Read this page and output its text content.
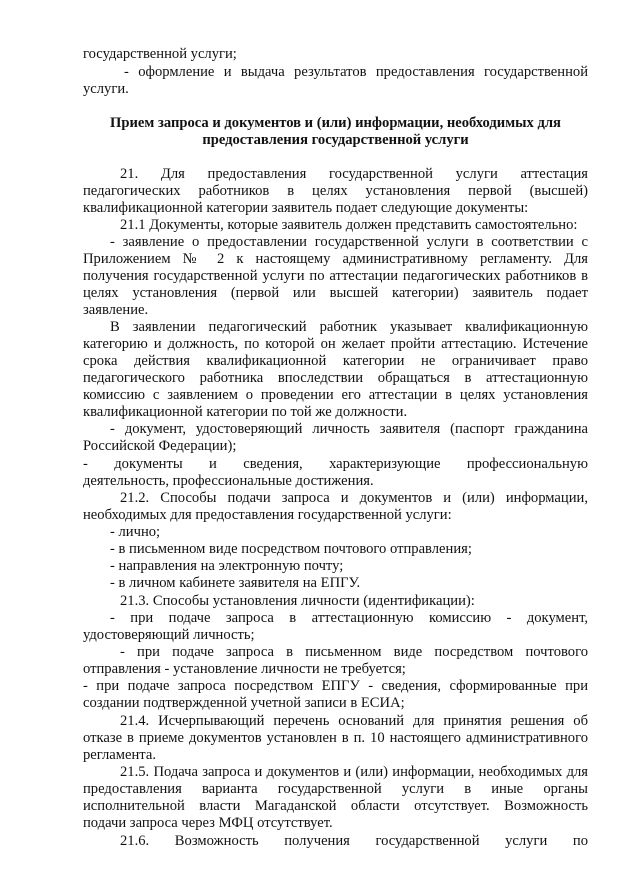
государственной услуги;
- оформление и выдача результатов предоставления государственной
услуги.
Прием запроса и документов и (или) информации, необходимых для
предоставления государственной услуги
21. Для предоставления государственной услуги аттестация
педагогических работников в целях установления первой (высшей)
квалификационной категории заявитель подает следующие документы:
21.1 Документы, которые заявитель должен представить самостоятельно:
- заявление о предоставлении государственной услуги в соответствии с
Приложением № 2 к настоящему административному регламенту. Для
получения государственной услуги по аттестации педагогических работников в
целях установления (первой или высшей категории) заявитель подает
заявление.
В заявлении педагогический работник указывает квалификационную
категорию и должность, по которой он желает пройти аттестацию. Истечение
срока действия квалификационной категории не ограничивает право
педагогического работника впоследствии обращаться в аттестационную
комиссию с заявлением о проведении его аттестации в целях установления
квалификационной категории по той же должности.
- документ, удостоверяющий личность заявителя (паспорт гражданина
Российской Федерации);
- документы и сведения, характеризующие профессиональную
деятельность, профессиональные достижения.
21.2. Способы подачи запроса и документов и (или) информации,
необходимых для предоставления государственной услуги:
- лично;
- в письменном виде посредством почтового отправления;
- направления на электронную почту;
- в личном кабинете заявителя на ЕПГУ.
21.3. Способы установления личности (идентификации):
- при подаче запроса в аттестационную комиссию - документ,
удостоверяющий личность;
- при подаче запроса в письменном виде посредством почтового
отправления - установление личности не требуется;
- при подаче запроса посредством ЕПГУ - сведения, сформированные при
создании подтвержденной учетной записи в ЕСИА;
21.4. Исчерпывающий перечень оснований для принятия решения об
отказе в приеме документов установлен в п. 10 настоящего административного
регламента.
21.5. Подача запроса и документов и (или) информации, необходимых для
предоставления варианта государственной услуги в иные органы
исполнительной власти Магаданской области отсутствует. Возможность
подачи запроса через МФЦ отсутствует.
21.6. Возможность получения государственной услуги по
